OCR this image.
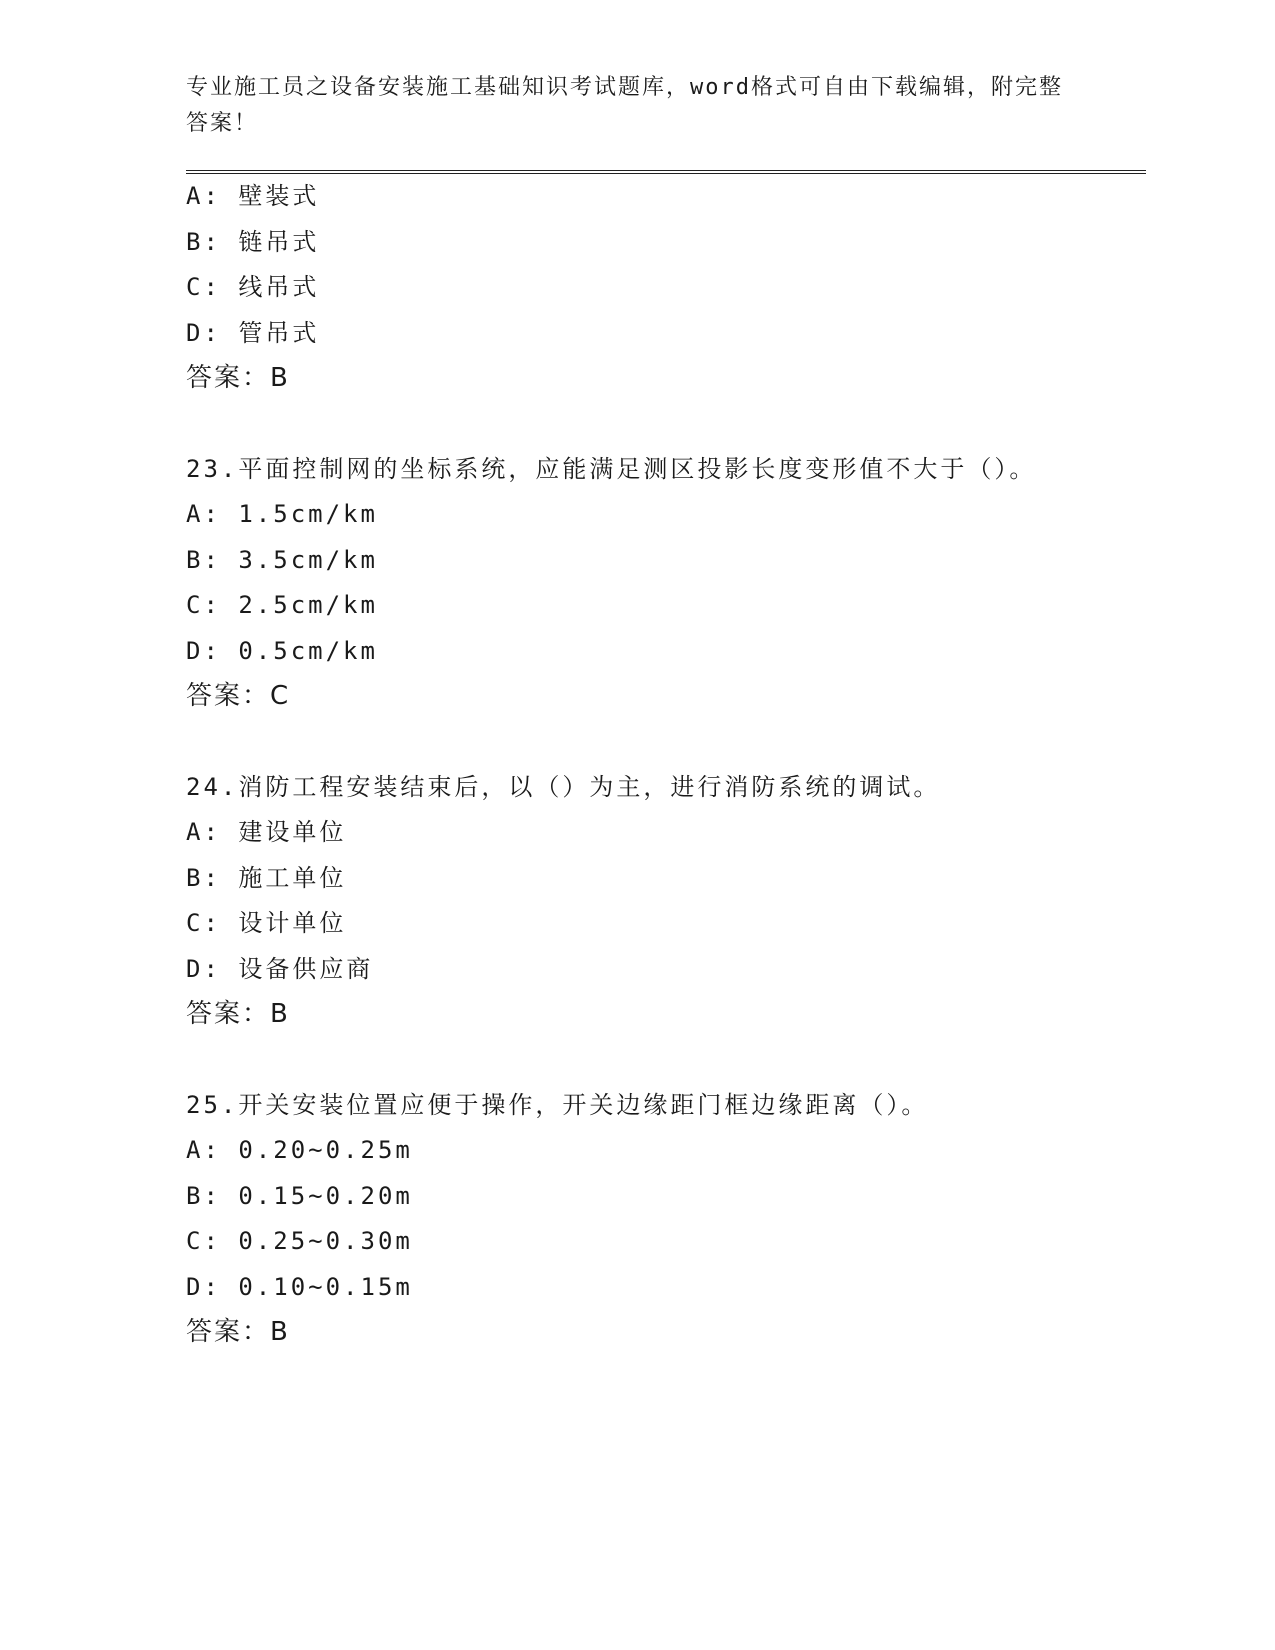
专业施工员之设备安装施工基础知识考试题库，word格式可自由下载编辑，附完整答案！
A: 壁装式
B: 链吊式
C: 线吊式
D: 管吊式
答案：B
23.平面控制网的坐标系统，应能满足测区投影长度变形值不大于（）。
A: 1.5cm/km
B: 3.5cm/km
C: 2.5cm/km
D: 0.5cm/km
答案：C
24.消防工程安装结束后，以（）为主，进行消防系统的调试。
A: 建设单位
B: 施工单位
C: 设计单位
D: 设备供应商
答案：B
25.开关安装位置应便于操作，开关边缘距门框边缘距离（）。
A: 0.20~0.25m
B: 0.15~0.20m
C: 0.25~0.30m
D: 0.10~0.15m
答案：B
